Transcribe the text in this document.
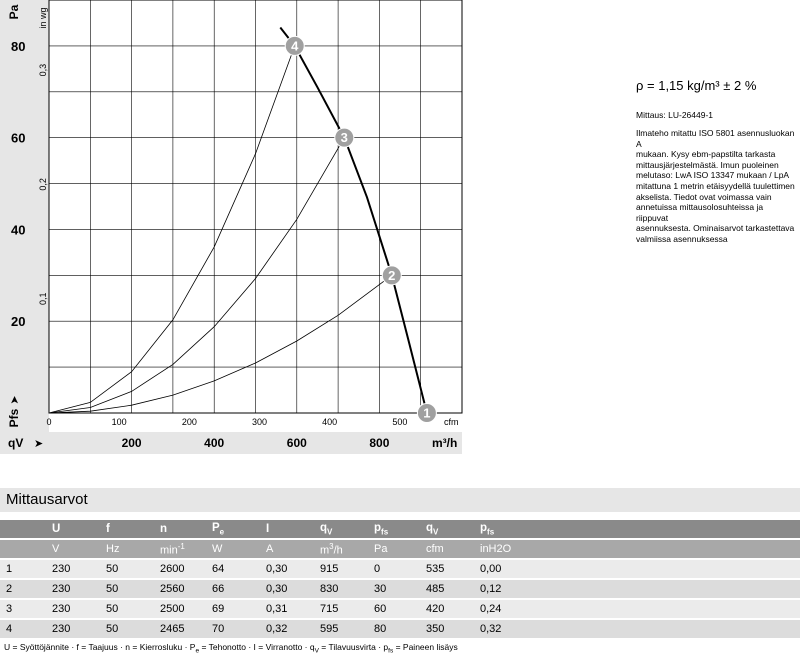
1
2
3
4
20
40
60
80
0,1
0,2
0,3
Pa in wg
Pfs
➤
0	100	200	300	400	500	cfm
200	400	600	800	m³/h
qV ➤
ρ = 1,15 kg/m³ ± 2 %
Mittaus: LU-26449-1
Ilmateho mitattu ISO 5801 asennusluokan A
mukaan. Kysy ebm-papstilta tarkasta
mittausjärjestelmästä. Imun puoleinen
melutaso: LwA ISO 13347 mukaan / LpA
mitattuna 1 metrin etäisyydellä tuulettimen
akselista. Tiedot ovat voimassa vain
annetuissa mittausolosuhteissa ja riippuvat
asennuksesta. Ominaisarvot tarkastettava
valmiissa asennuksessa
Mittausarvot
	U	f	n	$P_e$	I	$q_V$	$p_{fs}$	$q_V$	$p_{fs}$
	V	Hz	$\min^{-1}$	W	A	$m^3/h$	Pa	cfm	inH2O
1	230	50	2600	64	0,30	915	0	535	0,00
2	230	50	2560	66	0,30	830	30	485	0,12
3	230	50	2500	69	0,31	715	60	420	0,24
4	230	50	2465	70	0,32	595	80	350	0,32
U = Syöttöjännite · f = Taajuus · n = Kierrosluku · $P_e$ = Tehonotto · I = Virranotto · $q_V$ = Tilavuusvirta · $p_{fs}$ = Paineen lisäys
